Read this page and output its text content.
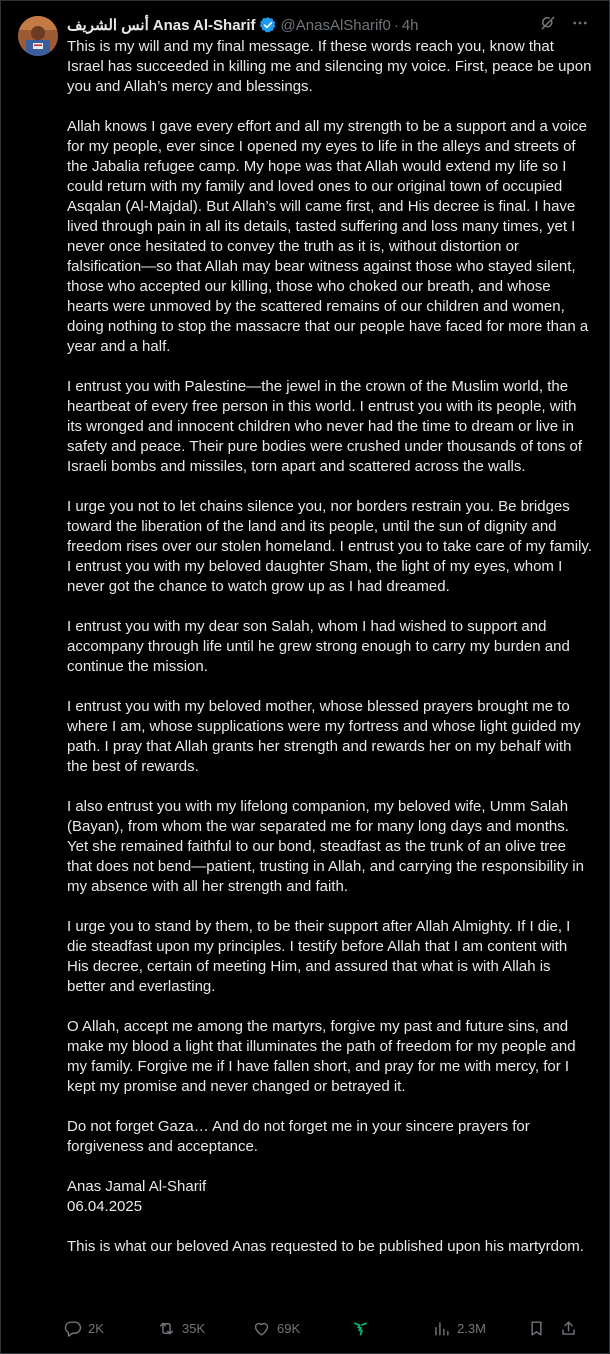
أنس الشريف Anas Al-Sharif @AnasAlSharif0 · 4h

This is my will and my final message. If these words reach you, know that Israel has succeeded in killing me and silencing my voice. First, peace be upon you and Allah’s mercy and blessings.

Allah knows I gave every effort and all my strength to be a support and a voice for my people, ever since I opened my eyes to life in the alleys and streets of the Jabalia refugee camp. My hope was that Allah would extend my life so I could return with my family and loved ones to our original town of occupied Asqalan (Al-Majdal). But Allah’s will came first, and His decree is final. I have lived through pain in all its details, tasted suffering and loss many times, yet I never once hesitated to convey the truth as it is, without distortion or falsification—so that Allah may bear witness against those who stayed silent, those who accepted our killing, those who choked our breath, and whose hearts were unmoved by the scattered remains of our children and women, doing nothing to stop the massacre that our people have faced for more than a year and a half.

I entrust you with Palestine—the jewel in the crown of the Muslim world, the heartbeat of every free person in this world. I entrust you with its people, with its wronged and innocent children who never had the time to dream or live in safety and peace. Their pure bodies were crushed under thousands of tons of Israeli bombs and missiles, torn apart and scattered across the walls.

I urge you not to let chains silence you, nor borders restrain you. Be bridges toward the liberation of the land and its people, until the sun of dignity and freedom rises over our stolen homeland. I entrust you to take care of my family. I entrust you with my beloved daughter Sham, the light of my eyes, whom I never got the chance to watch grow up as I had dreamed.

I entrust you with my dear son Salah, whom I had wished to support and accompany through life until he grew strong enough to carry my burden and continue the mission.

I entrust you with my beloved mother, whose blessed prayers brought me to where I am, whose supplications were my fortress and whose light guided my path. I pray that Allah grants her strength and rewards her on my behalf with the best of rewards.

I also entrust you with my lifelong companion, my beloved wife, Umm Salah (Bayan), from whom the war separated me for many long days and months. Yet she remained faithful to our bond, steadfast as the trunk of an olive tree that does not bend—patient, trusting in Allah, and carrying the responsibility in my absence with all her strength and faith.

I urge you to stand by them, to be their support after Allah Almighty. If I die, I die steadfast upon my principles. I testify before Allah that I am content with His decree, certain of meeting Him, and assured that what is with Allah is better and everlasting.

O Allah, accept me among the martyrs, forgive my past and future sins, and make my blood a light that illuminates the path of freedom for my people and my family. Forgive me if I have fallen short, and pray for me with mercy, for I kept my promise and never changed or betrayed it.

Do not forget Gaza… And do not forget me in your sincere prayers for forgiveness and acceptance.

Anas Jamal Al-Sharif
06.04.2025

This is what our beloved Anas requested to be published upon his martyrdom.

2K	35K	69K	2.3M
